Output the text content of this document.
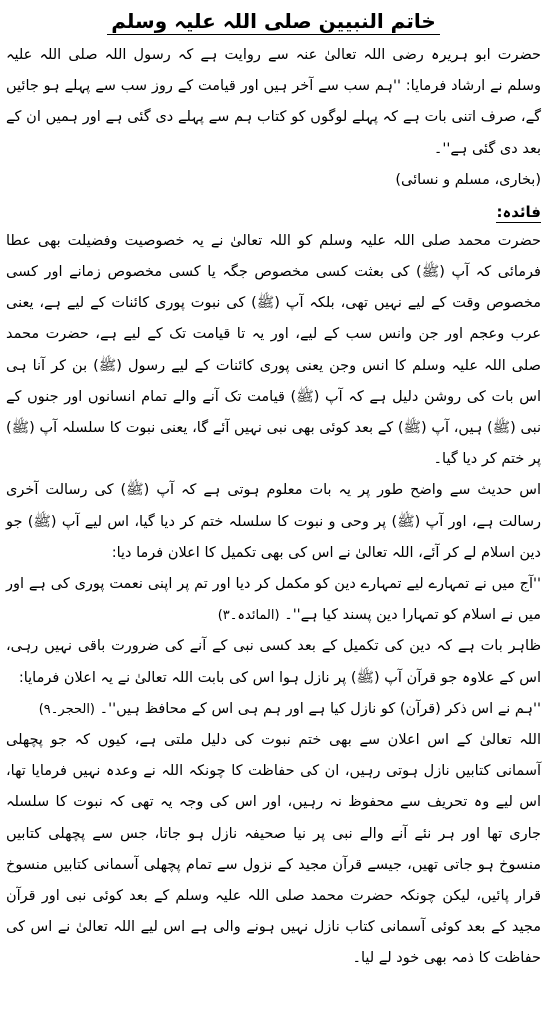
خاتم النبیین صلی اللہ علیہ وسلم

حضرت ابو ہریرہ رضی اللہ تعالیٰ عنہ سے روایت ہے کہ رسول اللہ صلی اللہ علیہ وسلم نے ارشاد فرمایا: ''ہم سب سے آخر ہیں اور قیامت کے روز سب سے پہلے ہو جائیں گے، صرف اتنی بات ہے کہ پہلے لوگوں کو کتاب ہم سے پہلے دی گئی ہے اور ہمیں ان کے بعد دی گئی ہے''۔

(بخاری، مسلم و نسائی)
فائدہ:

حضرت محمد صلی اللہ علیہ وسلم کو اللہ تعالیٰ نے یہ خصوصیت وفضیلت بھی عطا فرمائی کہ آپ (ﷺ) کی بعثت کسی مخصوص جگہ یا کسی مخصوص زمانے اور کسی مخصوص وقت کے لیے نہیں تھی، بلکہ آپ (ﷺ) کی نبوت پوری کائنات کے لیے ہے، یعنی عرب وعجم اور جن وانس سب کے لیے، اور یہ تا قیامت تک کے لیے ہے، حضرت محمد صلی اللہ علیہ وسلم کا انس وجن یعنی پوری کائنات کے لیے رسول (ﷺ) بن کر آنا ہی اس بات کی روشن دلیل ہے کہ آپ (ﷺ) قیامت تک آنے والے تمام انسانوں اور جنوں کے نبی (ﷺ) ہیں، آپ (ﷺ) کے بعد کوئی بھی نبی نہیں آئے گا، یعنی نبوت کا سلسلہ آپ (ﷺ) پر ختم کر دیا گیا۔

اس حدیث سے واضح طور پر یہ بات معلوم ہوتی ہے کہ آپ (ﷺ) کی رسالت آخری رسالت ہے، اور آپ (ﷺ) پر وحی و نبوت کا سلسلہ ختم کر دیا گیا، اس لیے آپ (ﷺ) جو دین اسلام لے کر آئے، اللہ تعالیٰ نے اس کی بھی تکمیل کا اعلان فرما دیا:

''آج میں نے تمہارے لیے تمہارے دین کو مکمل کر دیا اور تم پر اپنی نعمت پوری کی ہے اور میں نے اسلام کو تمہارا دین پسند کیا ہے''۔ (المائدہ۔۳)

ظاہر بات ہے کہ دین کی تکمیل کے بعد کسی نبی کے آنے کی ضرورت باقی نہیں رہی، اس کے علاوہ جو قرآن آپ (ﷺ) پر نازل ہوا اس کی بابت اللہ تعالیٰ نے یہ اعلان فرمایا:

''ہم نے اس ذکر (قرآن) کو نازل کیا ہے اور ہم ہی اس کے محافظ ہیں''۔ (الحجر۔۹)

اللہ تعالیٰ کے اس اعلان سے بھی ختم نبوت کی دلیل ملتی ہے، کیوں کہ جو پچھلی آسمانی کتابیں نازل ہوتی رہیں، ان کی حفاظت کا چونکہ اللہ نے وعدہ نہیں فرمایا تھا، اس لیے وہ تحریف سے محفوظ نہ رہیں، اور اس کی وجہ یہ تھی کہ نبوت کا سلسلہ جاری تھا اور ہر نئے آنے والے نبی پر نیا صحیفہ نازل ہو جاتا، جس سے پچھلی کتابیں منسوخ ہو جاتی تھیں، جیسے قرآن مجید کے نزول سے تمام پچھلی آسمانی کتابیں منسوخ قرار پائیں، لیکن چونکہ حضرت محمد صلی اللہ علیہ وسلم کے بعد کوئی نبی اور قرآن مجید کے بعد کوئی آسمانی کتاب نازل نہیں ہونے والی ہے اس لیے اللہ تعالیٰ نے اس کی حفاظت کا ذمہ بھی خود لے لیا۔
